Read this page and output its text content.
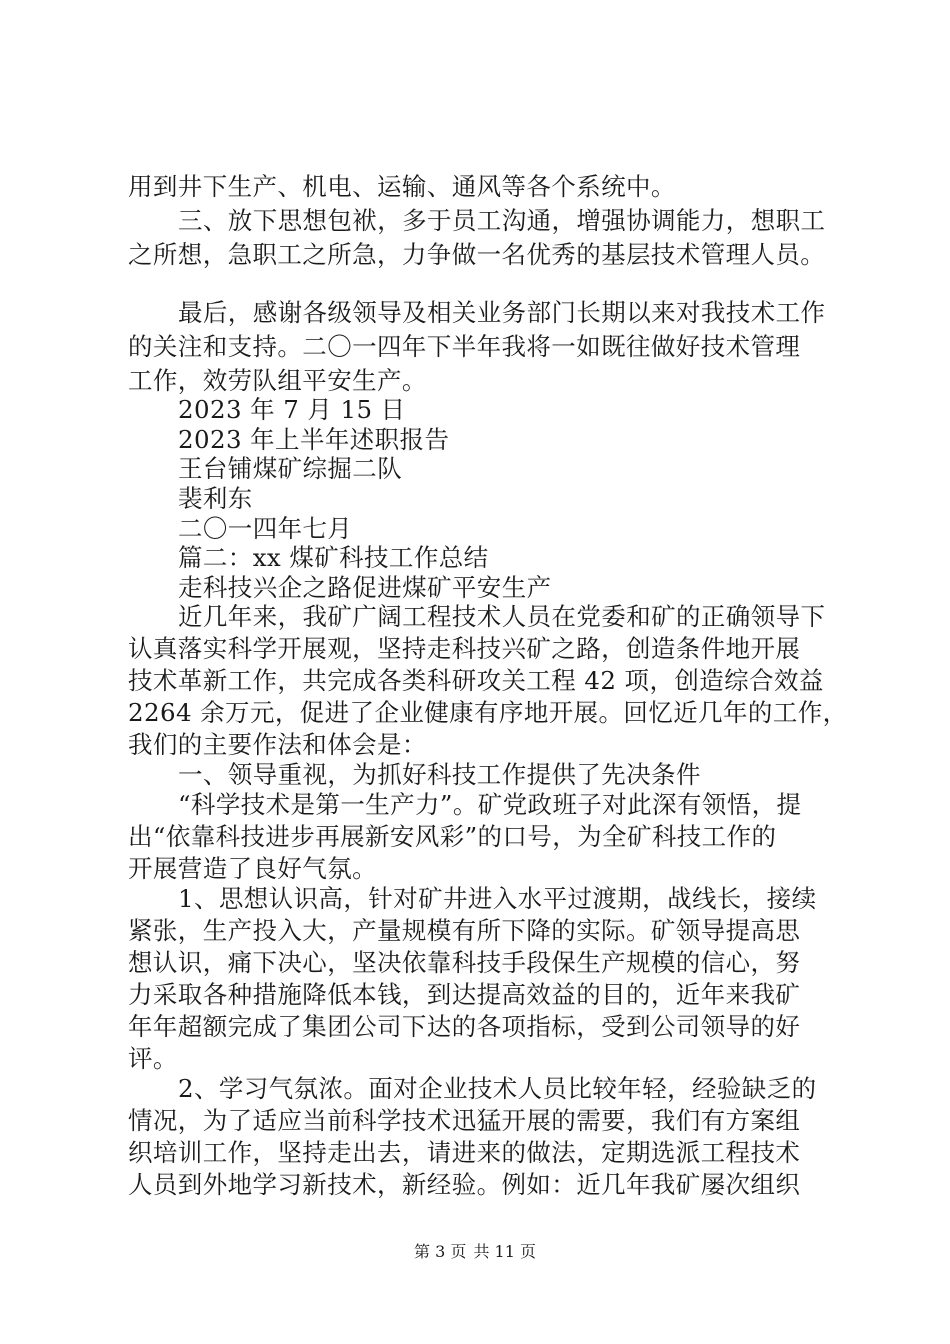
用到井下生产、机电、运输、通风等各个系统中。
三、放下思想包袱，多于员工沟通，增强协调能力，想职工
之所想，急职工之所急，力争做一名优秀的基层技术管理人员。
最后，感谢各级领导及相关业务部门长期以来对我技术工作
的关注和支持。二〇一四年下半年我将一如既往做好技术管理
工作，效劳队组平安生产。
2023 年 7 月 15 日
2023 年上半年述职报告
王台铺煤矿综掘二队
裴利东
二〇一四年七月
篇二：xx 煤矿科技工作总结
走科技兴企之路促进煤矿平安生产
近几年来，我矿广阔工程技术人员在党委和矿的正确领导下
认真落实科学开展观，坚持走科技兴矿之路，创造条件地开展
技术革新工作，共完成各类科研攻关工程 42 项，创造综合效益
2264 余万元，促进了企业健康有序地开展。回忆近几年的工作，
我们的主要作法和体会是：
一、领导重视，为抓好科技工作提供了先决条件
“科学技术是第一生产力”。矿党政班子对此深有领悟，提
出“依靠科技进步再展新安风彩”的口号，为全矿科技工作的
开展营造了良好气氛。
1、思想认识高，针对矿井进入水平过渡期，战线长，接续
紧张，生产投入大，产量规模有所下降的实际。矿领导提高思
想认识，痛下决心，坚决依靠科技手段保生产规模的信心，努
力采取各种措施降低本钱，到达提高效益的目的，近年来我矿
年年超额完成了集团公司下达的各项指标，受到公司领导的好
评。
2、学习气氛浓。面对企业技术人员比较年轻，经验缺乏的
情况，为了适应当前科学技术迅猛开展的需要，我们有方案组
织培训工作，坚持走出去，请进来的做法，定期选派工程技术
人员到外地学习新技术，新经验。例如：近几年我矿屡次组织
第 3 页 共 11 页
